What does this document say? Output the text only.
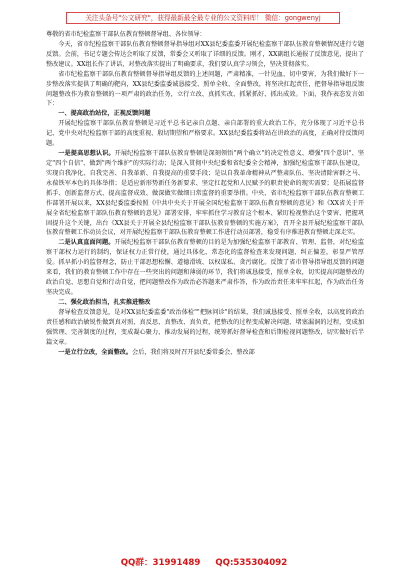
关注头条号"公文研究"，获得最新最全最专业的公文资料库！ 微信：gongwenyj

尊敬的省市纪检监察干部队伍教育整顿督导组、各位领导：

今天，省市纪检监察干部队伍教育整顿督导指导组对XX县纪委监委开展纪检监察干部队伍教育整顿情况进行专题反馈。会前，书记专题会传达会听取了反馈，常委会又听取了详细的反馈。刚才，XX副组长通报了反馈意见，提出了整改建议。XX组长作了讲话，对整改落实提出了明确要求，我们要认真学习领会，坚决贯彻落实。

省市纪检监察干部队伍教育整顿督导指导组反馈的上述问题，严肃精准，一针见血、切中要害，为我们做好下一步整改落实提供了明确的靶向，XX县纪委监委诚恳接受、照单全收、全面整改，将坚决扛起责任，把督导指导组反馈问题整改作为教育整顿的一项严肃的政治任务，立行立改、真抓实改、抓紧抓好、抓出成效。下面，我作表态发言如下：

一、提高政治站位，正视反馈问题

开展纪检监察干部队伍教育整顿是习近平总书记亲自点题、亲自部署的重大政治工作，充分体现了习近平总书记、党中央对纪检监察干部的高度重视、殷切期望和严格要求。XX县纪委监委将站在讲政治的高度，正确对待反馈问题。

一是提高思想认识。开展纪检监察干部队伍教育整顿是深刻领悟"两个确立"的决定性意义、增强"四个意识"、坚定"四个自信"、做到"两个维护"的实际行动；是深入贯彻中央纪委和省纪委全会精神，加强纪检监察干部队伍建设，实现自我净化、自我完善、自我革新、自我提高的重要手段；是以自我革命精神从严整肃队伍、坚决清除害群之马、永葆铁军本色的具体举措；是适应新形势新任务新要求、坚定扛起党和人民赋予的职责使命的现实需要；是拓展监督抓手、创新监督方式、提高监督成效、做深做实做细日常监督的重要举措。中央、省市纪检监察干部队伍教育整顿工作部署开展以来，XX县纪委监委按照《中共中央关于开展全国纪检监察干部队伍教育整顿的意见》和《XX省关于开展全省纪检监察干部队伍教育整顿的意见》部署安排，牢牢抓住学习教育这个根本、紧盯检视整治这个要害、把握巩固提升这个关键，出台《XX县关于开展全县纪检监察干部队伍教育整顿的实施方案》，召开全县开展纪检监察干部队伍教育整顿工作动员会议，对开展纪检监察干部队伍教育整顿工作进行动员部署，稳妥有序推进教育整顿走深走实。

二是认真直面问题。开展纪检监察干部队伍教育整顿的目的是为加强纪检监察干部教育、管理、监督，对纪检监察干部权力运行的制约，保证权力正常行使，通过具体化、常态化的监督检查来发现问题、纠正偏差，彰显严管厚爱。抓早抓小的监督理念，防止干部思想松懈、道德滑坡、以权谋私、贪污腐化。反馈了省市督导指导组反馈的问题来看，我们的教育整顿工作中存在一些突出的问题和薄弱的环节，我们将诚恳接受，照单全收，切实提高问题整改的政治自觉、思想自觉和行动自觉，把问题整改作为政治必答题来严肃作答，作为政治责任来牢牢扛起，作为政治任务坚决完成。

二、强化政治担当，扎实推进整改

督导检查反馈意见，是对XX县纪委监委"政治体检""把脉问诊"的结果，我们诚恳接受、照单全收，以高度的政治责任感和政治敏锐性做到真对照、真反思、真整改、真负责，把整改的过程变成解决问题、堵塞漏洞的过程，变成加强管理、完善制度的过程，变成凝心聚力、推动发展的过程，统筹抓好督导检查和后期检视问题整改，切实做好后半篇文章。

一是立行立改，全面整改。会后，我们将及时召开县纪委常委会、整改部

QQ群：31991489 QQ:535304092
